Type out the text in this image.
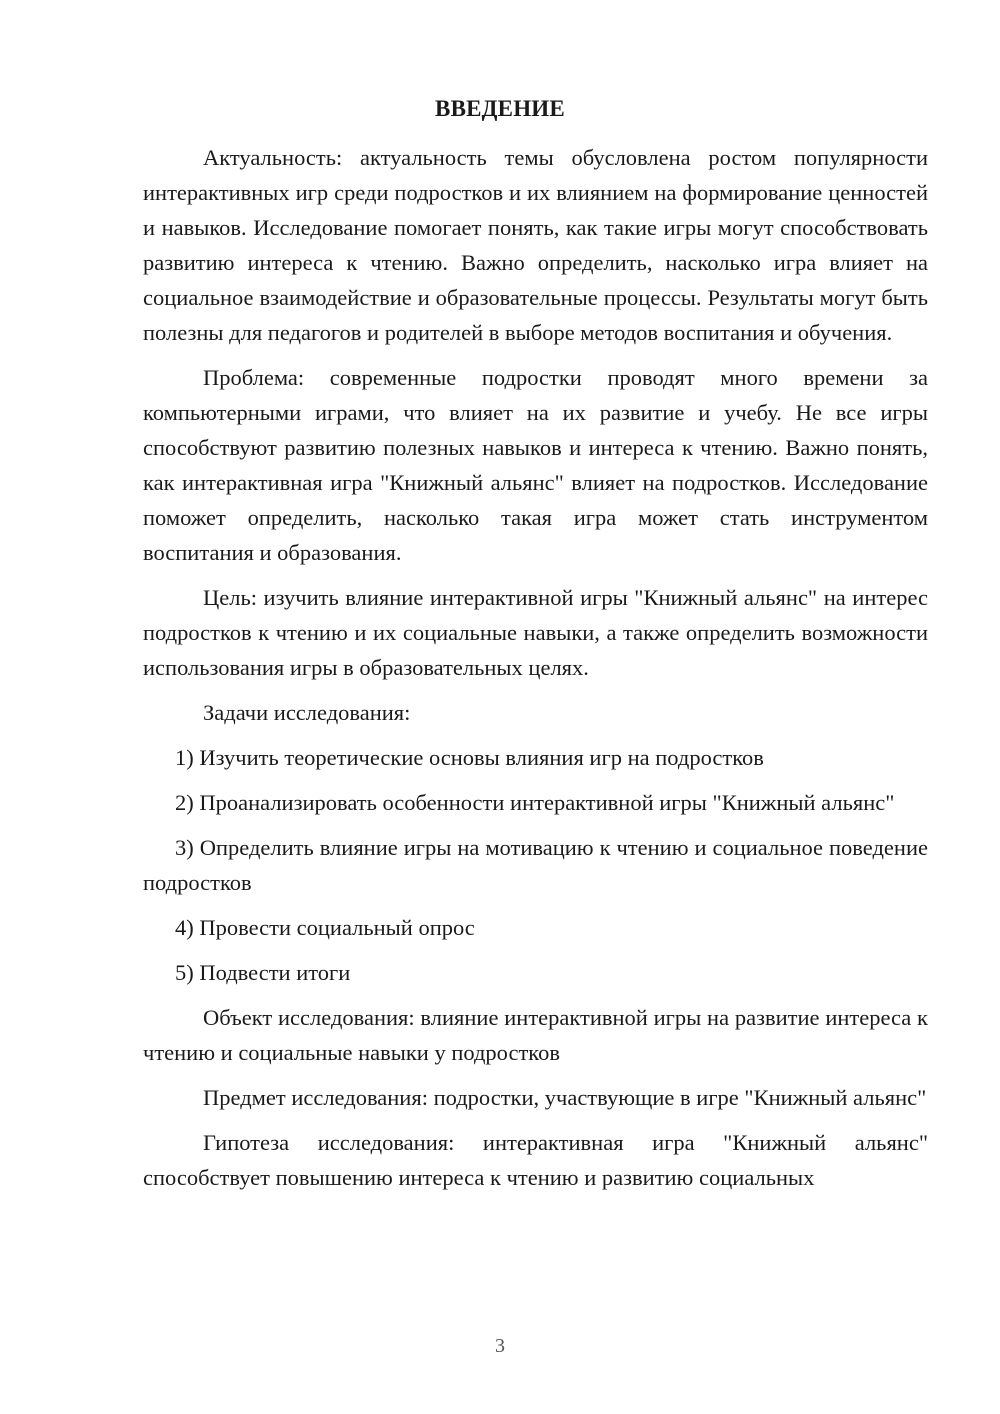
ВВЕДЕНИЕ

Актуальность: актуальность темы обусловлена ростом популярности интерактивных игр среди подростков и их влиянием на формирование ценностей и навыков. Исследование помогает понять, как такие игры могут способствовать развитию интереса к чтению. Важно определить, насколько игра влияет на социальное взаимодействие и образовательные процессы. Результаты могут быть полезны для педагогов и родителей в выборе методов воспитания и обучения.

Проблема: современные подростки проводят много времени за компьютерными играми, что влияет на их развитие и учебу. Не все игры способствуют развитию полезных навыков и интереса к чтению. Важно понять, как интерактивная игра "Книжный альянс" влияет на подростков. Исследование поможет определить, насколько такая игра может стать инструментом воспитания и образования.

Цель: изучить влияние интерактивной игры "Книжный альянс" на интерес подростков к чтению и их социальные навыки, а также определить возможности использования игры в образовательных целях.

Задачи исследования:

1) Изучить теоретические основы влияния игр на подростков

2) Проанализировать особенности интерактивной игры "Книжный альянс"

3) Определить влияние игры на мотивацию к чтению и социальное поведение подростков

4) Провести социальный опрос

5) Подвести итоги

Объект исследования: влияние интерактивной игры на развитие интереса к чтению и социальные навыки у подростков

Предмет исследования: подростки, участвующие в игре "Книжный альянс"

Гипотеза исследования: интерактивная игра "Книжный альянс" способствует повышению интереса к чтению и развитию социальных

3
